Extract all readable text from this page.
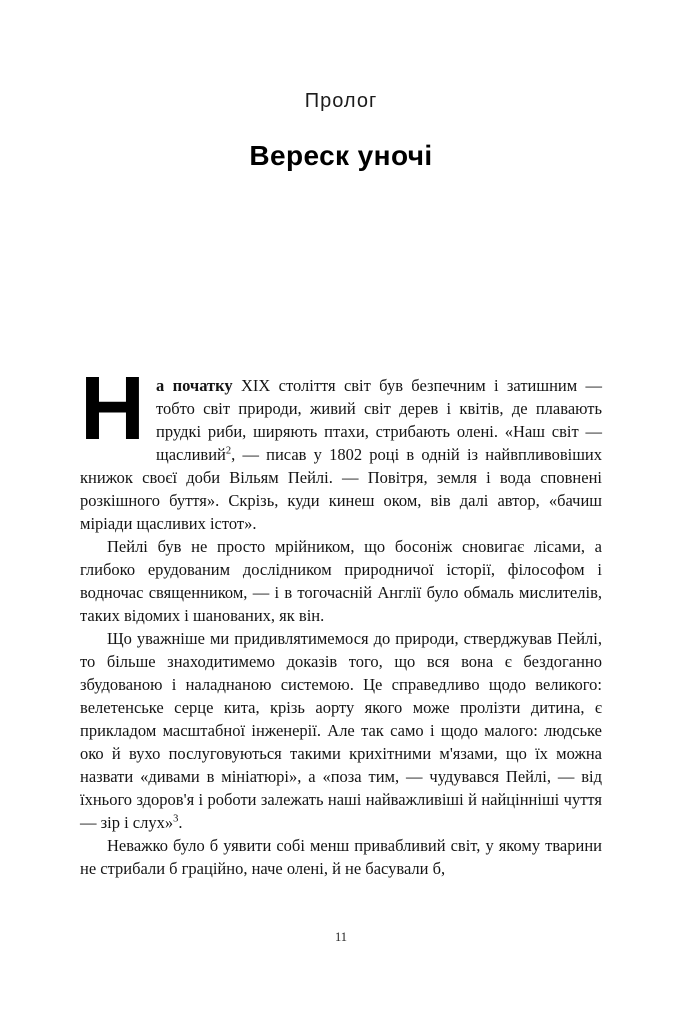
Пролог
Вереск уночі

На початку XIX століття світ був безпечним і затишним — тобто світ природи, живий світ дерев і квітів, де плавають прудкі риби, ширяють птахи, стрибають олені. «Наш світ — щасливий$^2$, — писав у 1802 році в одній із найвпливовіших книжок своєї доби Вільям Пейлі. — Повітря, земля і вода сповнені розкішного буття». Скрізь, куди кинеш оком, вів далі автор, «бачиш міріади щасливих істот».

Пейлі був не просто мрійником, що босоніж сновигає лісами, а глибоко ерудованим дослідником природничої історії, філософом і водночас священником, — і в тогочасній Англії було обмаль мислителів, таких відомих і шанованих, як він.

Що уважніше ми придивлятимемося до природи, стверджував Пейлі, то більше знаходитимемо доказів того, що вся вона є бездоганно збудованою і наладнаною системою. Це справедливо щодо великого: велетенське серце кита, крізь аорту якого може пролізти дитина, є прикладом масштабної інженерії. Але так само і щодо малого: людське око й вухо послуговуються такими крихітними м'язами, що їх можна назвати «дивами в мініатюрі», а «поза тим, — чудувався Пейлі, — від їхнього здоров'я і роботи залежать наші найважливіші й найцінніші чуття — зір і слух»$^3$.

Неважко було б уявити собі менш привабливий світ, у якому тварини не стрибали б граційно, наче олені, й не басували б,

11
